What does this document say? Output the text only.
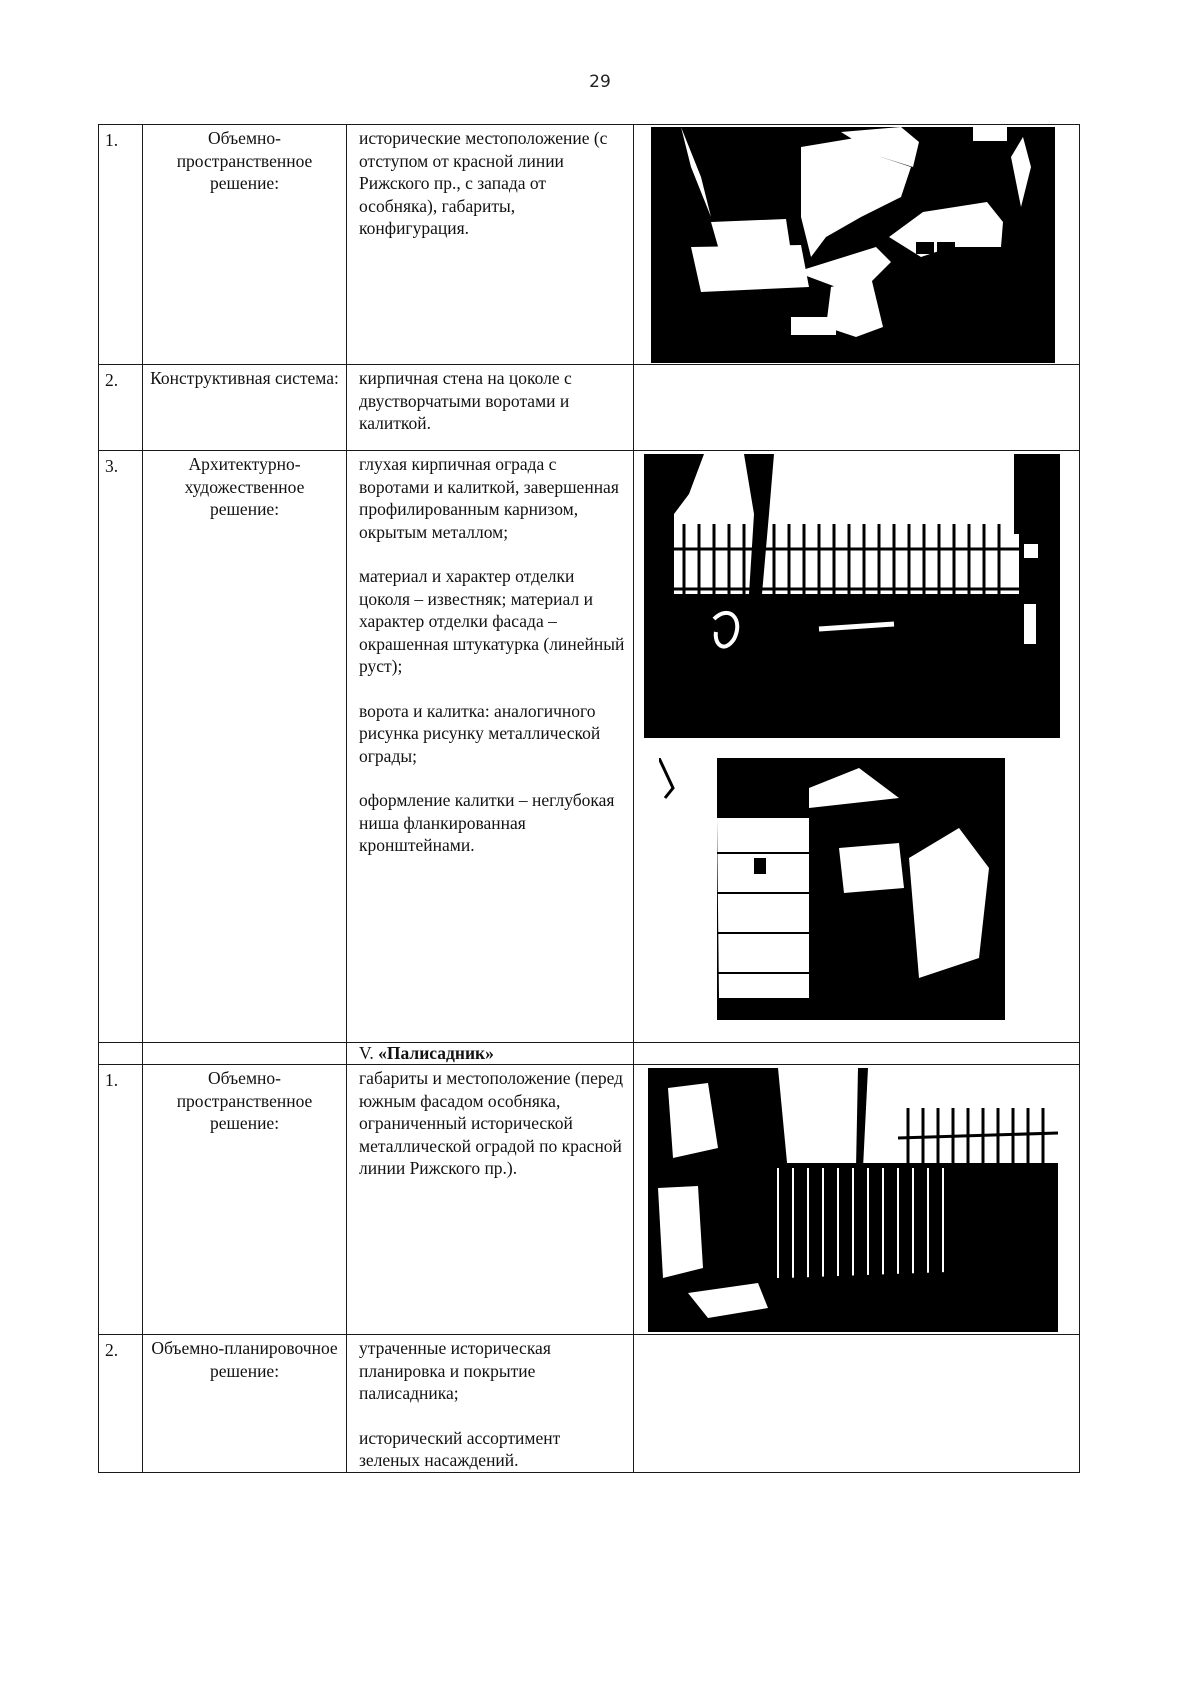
29
1.	Объемно-пространственное решение:	исторические местоположение (с отступом от красной линии Рижского пр., с запада от особняка), габариты, конфигурация.

2.	Конструктивная система:	кирпичная стена на цоколе с двустворчатыми воротами и калиткой.	

3.	Архитектурно-художественное решение:	глухая кирпичная ограда с воротами и калиткой, завершенная профилированным карнизом, окрытым металлом;

материал и характер отделки цоколя – известняк; материал и характер отделки фасада – окрашенная штукатурка (линейный руст);

ворота и калитка: аналогичного рисунка рисунку металлической ограды;

оформление калитки – неглубокая ниша фланкированная кронштейнами.

		V. «Палисадник»	
1.	Объемно-пространственное решение:	габариты и местоположение (перед южным фасадом особняка, ограниченный исторической металлической оградой по красной линии Рижского пр.).

2.	Объемно-планировочное решение:	утраченные историческая планировка и покрытие палисадника;

исторический ассортимент зеленых насаждений.	
